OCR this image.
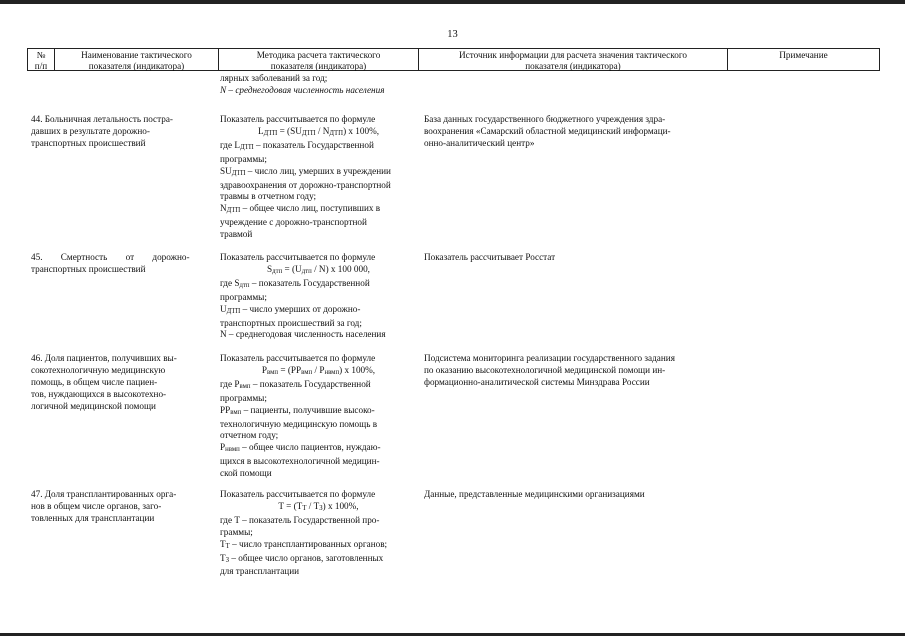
13
№
п/п
Наименование тактического
показателя (индикатора)
Методика расчета тактического
показателя (индикатора)
Источник информации для расчета значения тактического
показателя (индикатора)
Примечание
лярных заболеваний за год;
N – среднегодовая численность населения
44. Больничная летальность постра-
давших в результате дорожно-
транспортных происшествий
Показатель рассчитывается по формуле
LДТП = (SUДТП / NДТП) x 100%,
где LДТП – показатель Государственной
программы;
SUДТП – число лиц, умерших в учреждении
здравоохранения от дорожно-транспортной
травмы в отчетном году;
NДТП – общее число лиц, поступивших в
учреждение с дорожно-транспортной
травмой
База данных государственного бюджетного учреждения здра-
воохранения «Самарский областной медицинский информаци-
онно-аналитический центр»
45. Смертность от дорожно-
транспортных происшествий
Показатель рассчитывается по формуле
Sдтп = (Uдтп / N) x 100 000,
где Sдтп – показатель Государственной
программы;
UДТП – число умерших от дорожно-
транспортных происшествий за год;
N – среднегодовая численность населения
Показатель рассчитывает Росстат
46. Доля пациентов, получивших вы-
сокотехнологичную медицинскую
помощь, в общем числе пациен-
тов, нуждающихся в высокотехно-
логичной медицинской помощи
Показатель рассчитывается по формуле
Pвмп = (PPвмп / Pнвмп) x 100%,
где Pвмп – показатель Государственной
программы;
PPвмп – пациенты, получившие высоко-
технологичную медицинскую помощь в
отчетном году;
Pнвмп – общее число пациентов, нуждаю-
щихся в высокотехнологичной медицин-
ской помощи
Подсистема мониторинга реализации государственного задания
по оказанию высокотехнологичной медицинской помощи ин-
формационно-аналитической системы Минздрава России
47. Доля трансплантированных орга-
нов в общем числе органов, заго-
товленных для трансплантации
Показатель рассчитывается по формуле
T = (TТ / TЗ) x 100%,
где T – показатель Государственной про-
граммы;
TТ – число трансплантированных органов;
TЗ – общее число органов, заготовленных
для трансплантации
Данные, представленные медицинскими организациями
